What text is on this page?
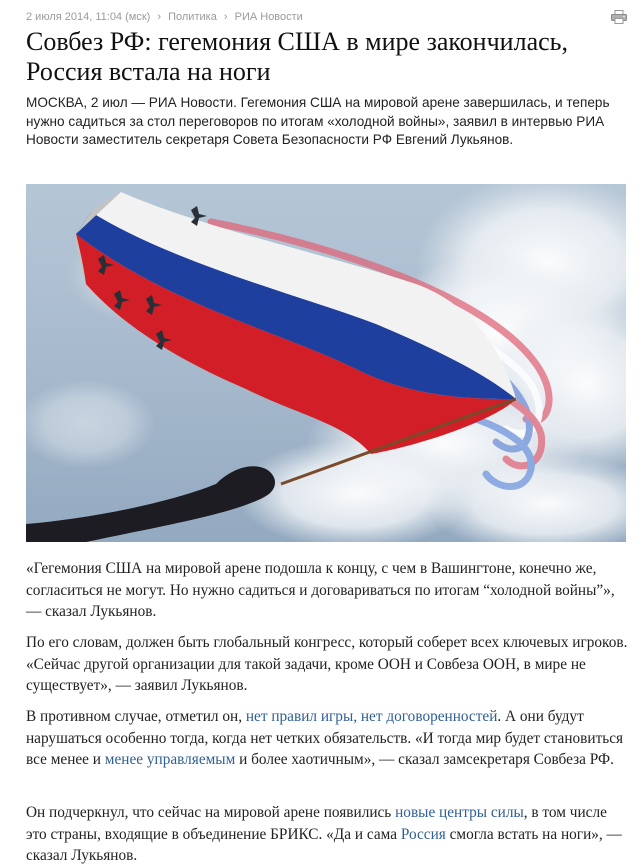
2 июля 2014, 11:04 (мск) › Политика › РИА Новости
Совбез РФ: гегемония США в мире закончилась, Россия встала на ноги

МОСКВА, 2 июл — РИА Новости. Гегемония США на мировой арене завершилась, и теперь нужно садиться за стол переговоров по итогам «холодной войны», заявил в интервью РИА Новости заместитель секретаря Совета Безопасности РФ Евгений Лукьянов.

«Гегемония США на мировой арене подошла к концу, с чем в Вашингтоне, конечно же, согласиться не могут. Но нужно садиться и договариваться по итогам “холодной войны”», — сказал Лукьянов.

По его словам, должен быть глобальный конгресс, который соберет всех ключевых игроков. «Сейчас другой организации для такой задачи, кроме ООН и Совбеза ООН, в мире не существует», — заявил Лукьянов.

В противном случае, отметил он, нет правил игры, нет договоренностей. А они будут нарушаться особенно тогда, когда нет четких обязательств. «И тогда мир будет становиться все менее и менее управляемым и более хаотичным», — сказал замсекретаря Совбеза РФ.

Он подчеркнул, что сейчас на мировой арене появились новые центры силы, в том числе это страны, входящие в объединение БРИКС. «Да и сама Россия смогла встать на ноги», — сказал Лукьянов.
